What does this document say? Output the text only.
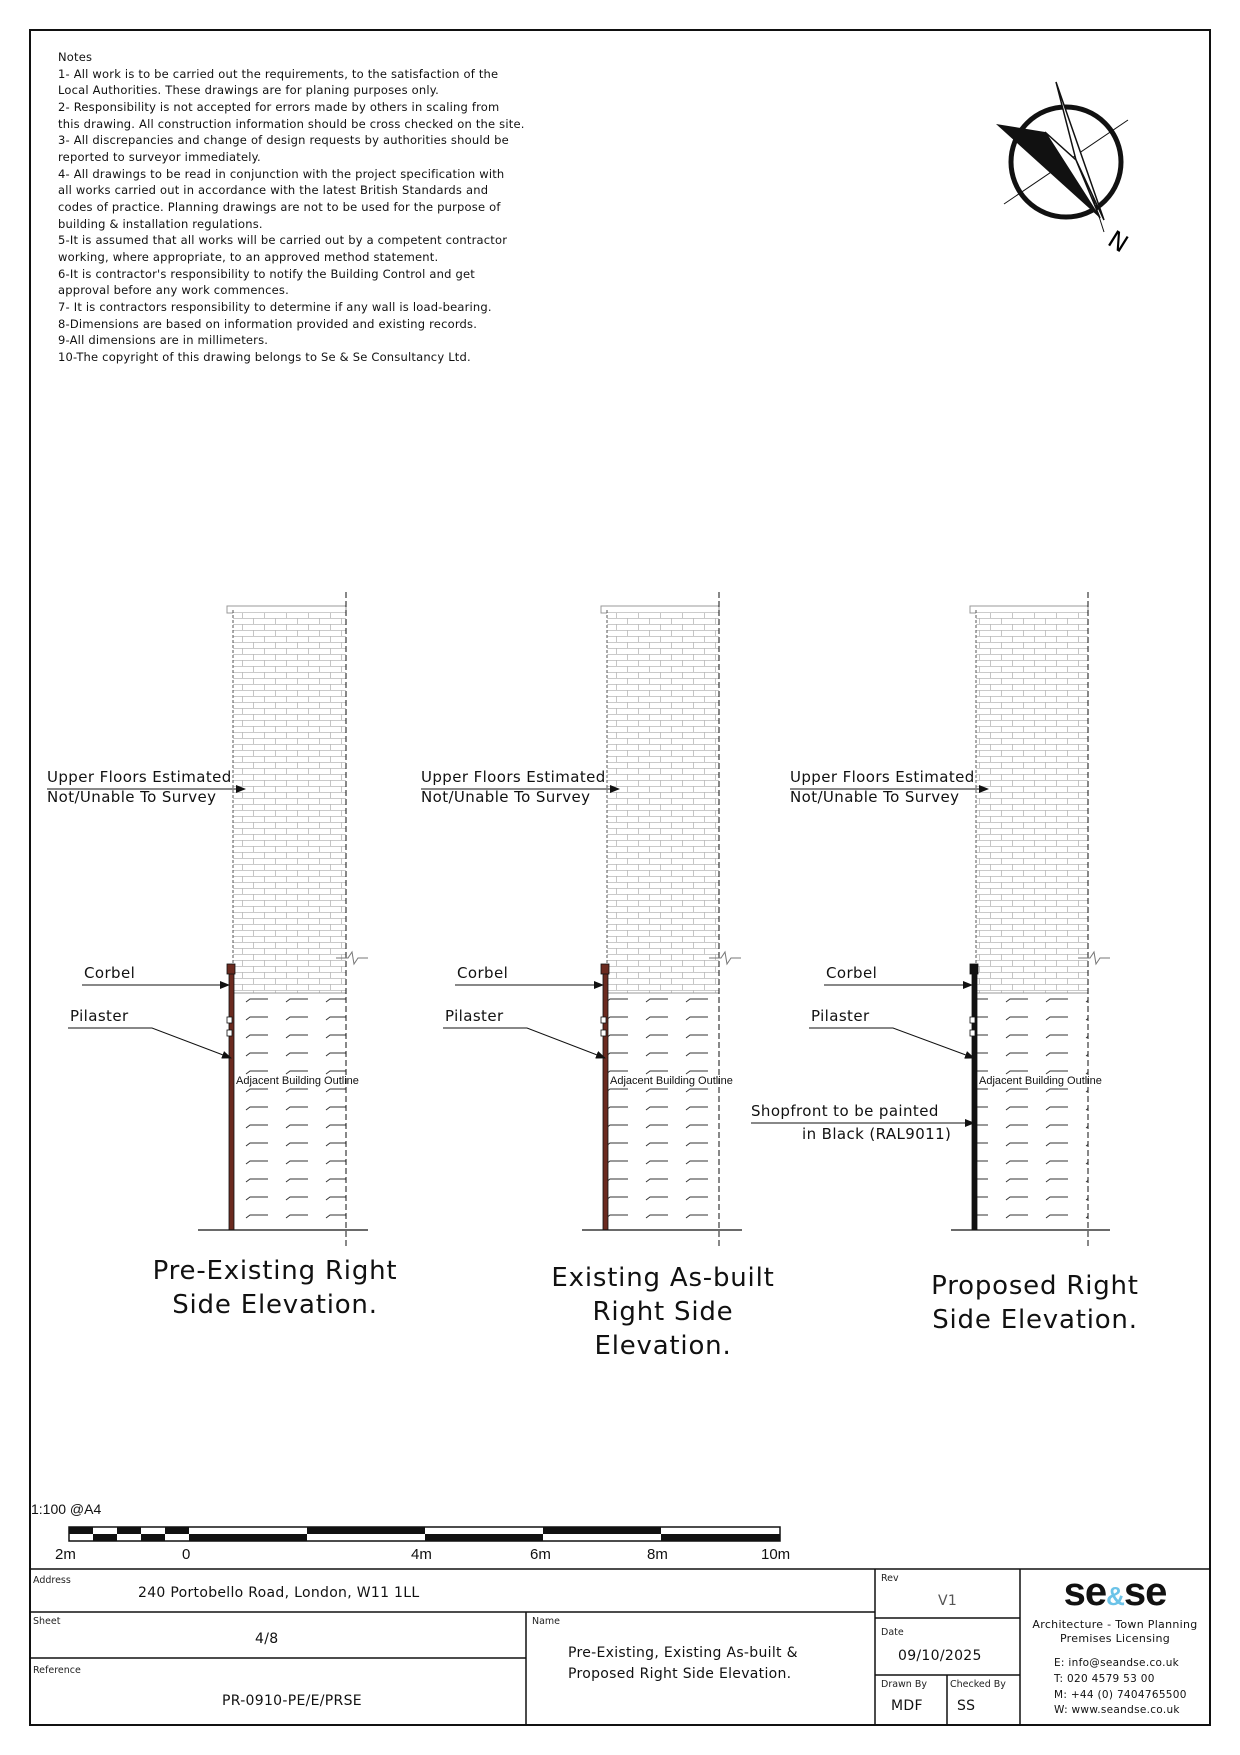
Notes
1- All work is to be carried out the requirements, to the satisfaction of the
Local Authorities. These drawings are for planing purposes only.
2- Responsibility is not accepted for errors made by others in scaling from
this drawing. All construction information should be cross checked on the site.
3- All discrepancies and change of design requests by authorities should be
reported to surveyor immediately.
4- All drawings to be read in conjunction with the project specification with
all works carried out in accordance with the latest British Standards and
codes of practice. Planning drawings are not to be used for the purpose of
building & installation regulations.
5-It is assumed that all works will be carried out by a competent contractor
working, where appropriate, to an approved method statement.
6-It is contractor's responsibility to notify the Building Control and get
approval before any work commences.
7- It is contractors responsibility to determine if any wall is load-bearing.
8-Dimensions are based on information provided and existing records.
9-All dimensions are in millimeters.
10-The copyright of this drawing belongs to Se & Se Consultancy Ltd.
N
Upper Floors Estimated
Not/Unable To Survey
Corbel
Pilaster
Adjacent Building Outline
Pre-Existing Right
Side Elevation.
Upper Floors Estimated
Not/Unable To Survey
Corbel
Pilaster
Adjacent Building Outline
Existing As-built
Right Side Elevation.
Upper Floors Estimated
Not/Unable To Survey
Corbel
Pilaster
Adjacent Building Outline
Proposed Right
Side Elevation.
Shopfront to be painted
in Black (RAL9011)
1:100 @A4
2m	0	4m	6m	8m	10m
Address
240 Portobello Road, London, W11 1LL
Sheet
4/8
Reference
PR-0910-PE/E/PRSE
Name
Pre-Existing, Existing As-built &
Proposed Right Side Elevation.
Rev
V1
Date
09/10/2025
Drawn By
MDF
Checked By
SS
se&se
Architecture - Town Planning
Premises Licensing
E: info@seandse.co.uk
T: 020 4579 53 00
M: +44 (0) 7404765500
W: www.seandse.co.uk
